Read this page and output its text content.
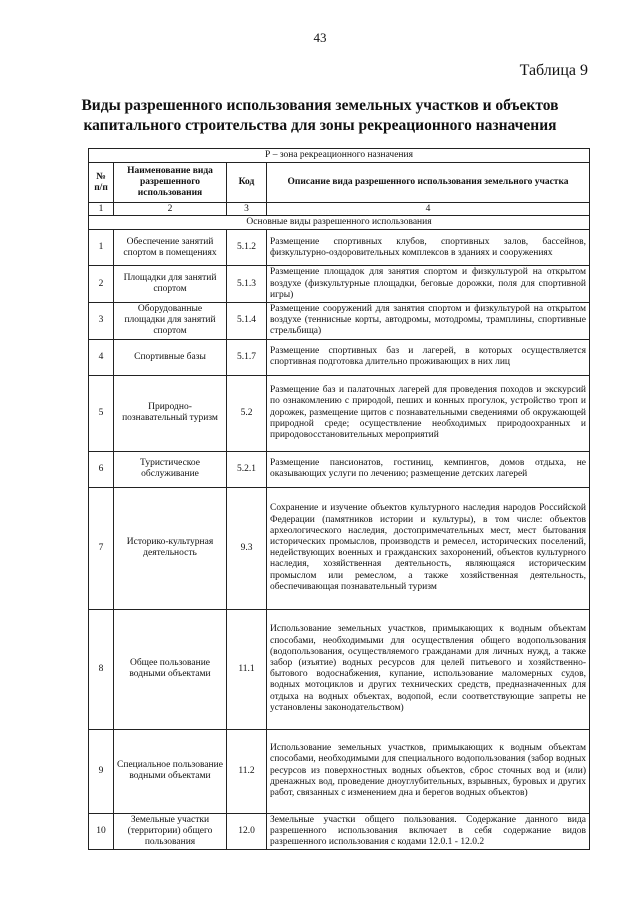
43
Таблица 9
Виды разрешенного использования земельных участков и объектов капитального строительства для зоны рекреационного назначения
Р – зона рекреационного назначения			
№ п/п	Наименование вида разрешенного использования	Код	Описание вида разрешенного использования земельного участка
1	2	3	4
Основные виды разрешенного использования			
1	Обеспечение занятий спортом в помещениях	5.1.2	Размещение спортивных клубов, спортивных залов, бассейнов, физкультурно-оздоровительных комплексов в зданиях и сооружениях
2	Площадки для занятий спортом	5.1.3	Размещение площадок для занятия спортом и физкультурой на открытом воздухе (физкультурные площадки, беговые дорожки, поля для спортивной игры)
3	Оборудованные площадки для занятий спортом	5.1.4	Размещение сооружений для занятия спортом и физкультурой на открытом воздухе (теннисные корты, автодромы, мотодромы, трамплины, спортивные стрельбища)
4	Спортивные базы	5.1.7	Размещение спортивных баз и лагерей, в которых осуществляется спортивная подготовка длительно проживающих в них лиц
5	Природно-познавательный туризм	5.2	Размещение баз и палаточных лагерей для проведения походов и экскурсий по ознакомлению с природой, пеших и конных прогулок, устройство троп и дорожек, размещение щитов с познавательными сведениями об окружающей природной среде; осуществление необходимых природоохранных и природовосстановительных мероприятий
6	Туристическое обслуживание	5.2.1	Размещение пансионатов, гостиниц, кемпингов, домов отдыха, не оказывающих услуги по лечению; размещение детских лагерей
7	Историко-культурная деятельность	9.3	Сохранение и изучение объектов культурного наследия народов Российской Федерации (памятников истории и культуры), в том числе: объектов археологического наследия, достопримечательных мест, мест бытования исторических промыслов, производств и ремесел, исторических поселений, недействующих военных и гражданских захоронений, объектов культурного наследия, хозяйственная деятельность, являющаяся историческим промыслом или ремеслом, а также хозяйственная деятельность, обеспечивающая познавательный туризм
8	Общее пользование водными объектами	11.1	Использование земельных участков, примыкающих к водным объектам способами, необходимыми для осуществления общего водопользования (водопользования, осуществляемого гражданами для личных нужд, а также забор (изъятие) водных ресурсов для целей питьевого и хозяйственно-бытового водоснабжения, купание, использование маломерных судов, водных мотоциклов и других технических средств, предназначенных для отдыха на водных объектах, водопой, если соответствующие запреты не установлены законодательством)
9	Специальное пользование водными объектами	11.2	Использование земельных участков, примыкающих к водным объектам способами, необходимыми для специального водопользования (забор водных ресурсов из поверхностных водных объектов, сброс сточных вод и (или) дренажных вод, проведение дноуглубительных, взрывных, буровых и других работ, связанных с изменением дна и берегов водных объектов)
10	Земельные участки (территории) общего пользования	12.0	Земельные участки общего пользования. Содержание данного вида разрешенного использования включает в себя содержание видов разрешенного использования с кодами 12.0.1 - 12.0.2
